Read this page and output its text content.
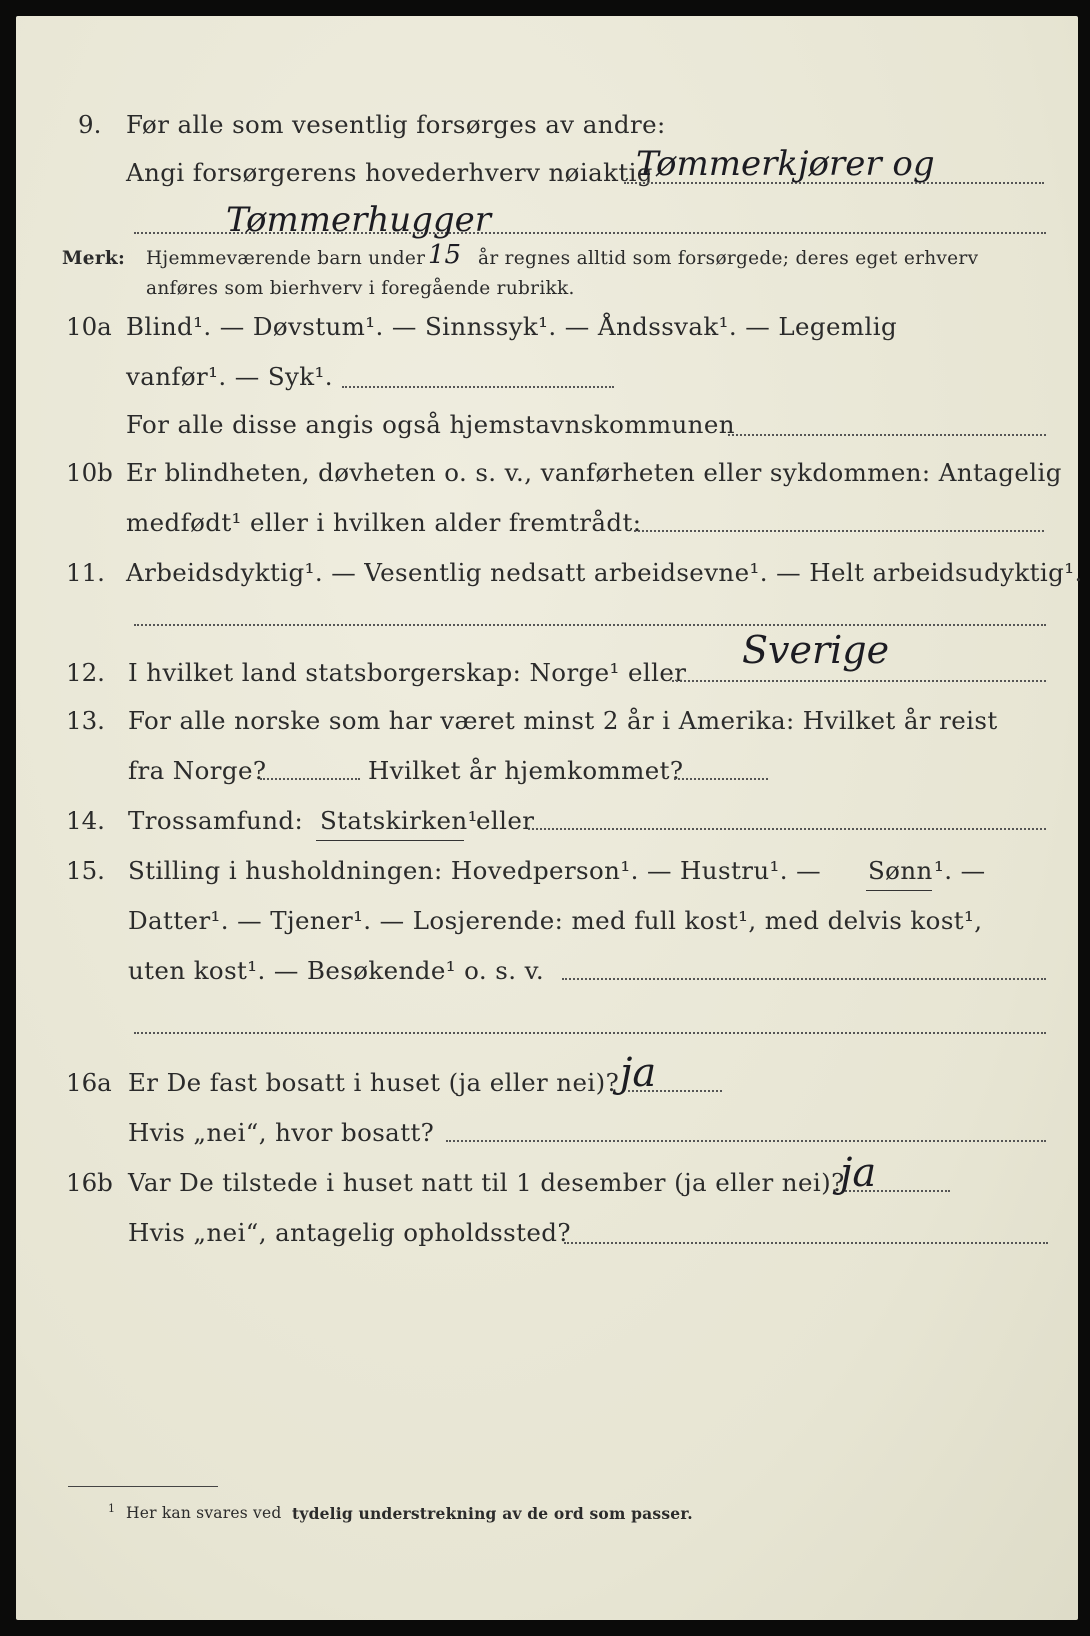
9. Før alle som vesentlig forsørges av andre:
Angi forsørgerens hovederhverv nøiaktig
Tømmerkjører og
Tømmerhugger
Merk: Hjemmeværende barn under 15 år regnes alltid som forsørgede; deres eget erhverv
anføres som bierhverv i foregående rubrikk.
10a Blind¹. — Døvstum¹. — Sinnssyk¹. — Åndssvak¹. — Legemlig
vanfør¹. — Syk¹.
For alle disse angis også hjemstavnskommunen
10b Er blindheten, døvheten o. s. v., vanførheten eller sykdommen: Antagelig
medfødt¹ eller i hvilken alder fremtrådt:
11. Arbeidsdyktig¹. — Vesentlig nedsatt arbeidsevne¹. — Helt arbeidsudyktig¹.
12. I hvilket land statsborgerskap: Norge¹ eller
Sverige
13. For alle norske som har været minst 2 år i Amerika: Hvilket år reist
fra Norge?	Hvilket år hjemkommet?
14. Trossamfund: Statskirken¹
eller
15. Stilling i husholdningen: Hovedperson¹. — Hustru¹. — Sønn ¹. —
Datter¹. — Tjener¹. — Losjerende: med full kost¹, med delvis kost¹,
uten kost¹. — Besøkende¹ o. s. v.
16a Er De fast bosatt i huset (ja eller nei)? ja
Hvis „nei“, hvor bosatt?
16b Var De tilstede i huset natt til 1 desember (ja eller nei)?
ja
Hvis „nei“, antagelig opholdssted?
1 Her kan svares ved tydelig understrekning av de ord som passer.
